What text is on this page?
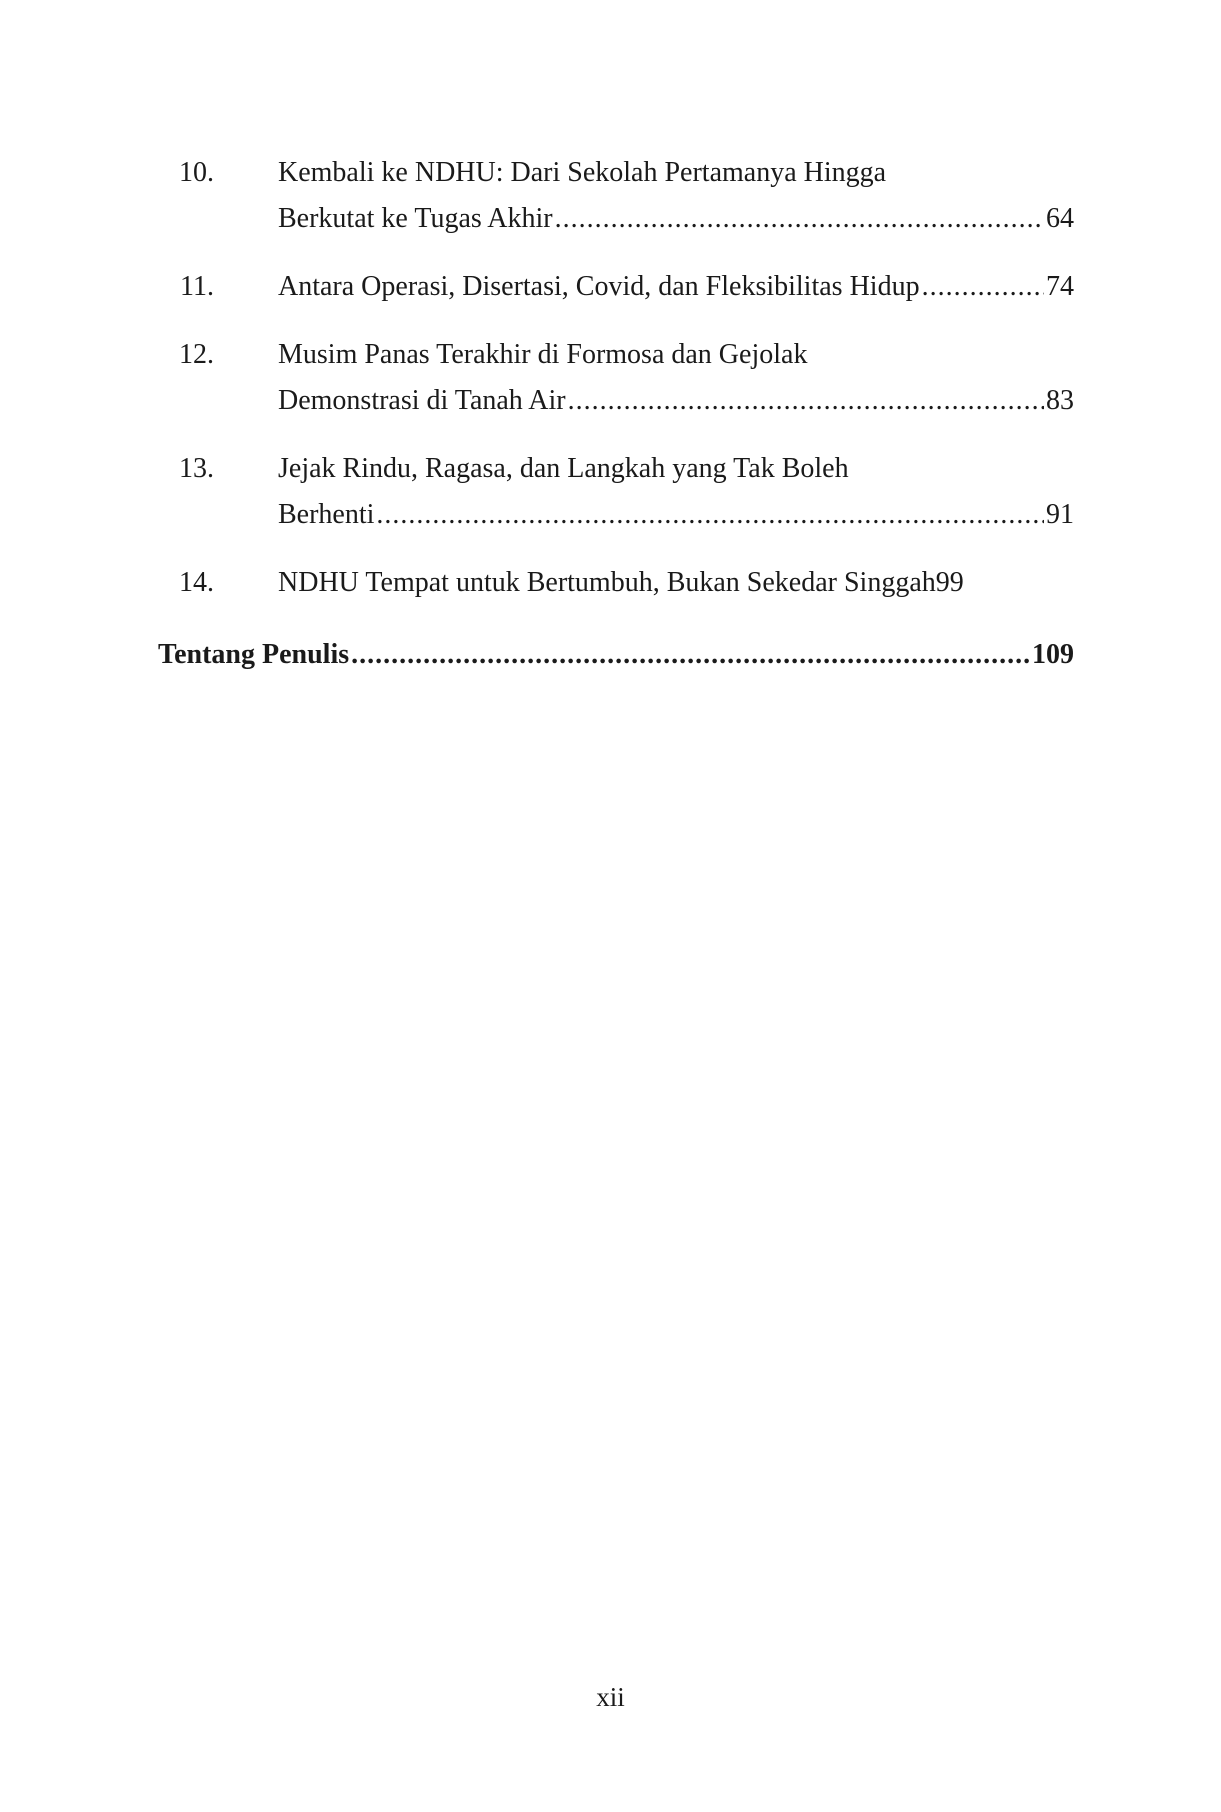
10. Kembali ke NDHU: Dari Sekolah Pertamanya Hingga
Berkutat ke Tugas Akhir .....	64
11. Antara Operasi, Disertasi, Covid, dan Fleksibilitas Hidup .....	74
12. Musim Panas Terakhir di Formosa dan Gejolak
Demonstrasi di Tanah Air .....	83
13. Jejak Rindu, Ragasa, dan Langkah yang Tak Boleh
Berhenti .....	91
14. NDHU Tempat untuk Bertumbuh, Bukan Sekedar Singgah 99
Tentang Penulis .....	109
xii
